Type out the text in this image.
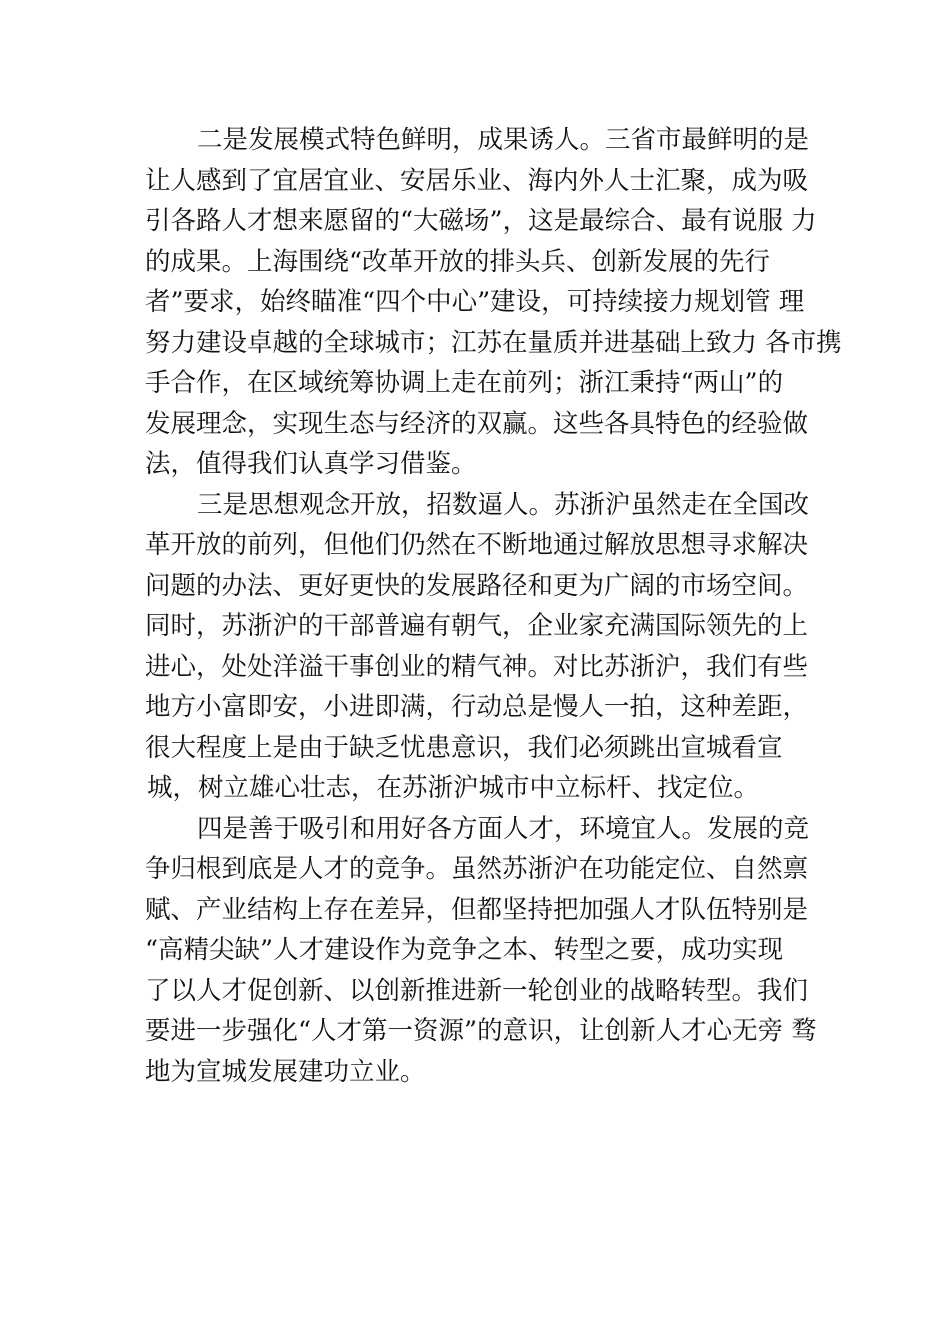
二是发展模式特色鲜明，成果诱人。三省市最鲜明的是
让人感到了宜居宜业、安居乐业、海内外人士汇聚，成为吸
引各路人才想来愿留的“大磁场”，这是最综合、最有说服 力
的成果。上海围绕“改革开放的排头兵、创新发展的先行
者”要求，始终瞄准“四个中心”建设，可持续接力规划管 理
努力建设卓越的全球城市；江苏在量质并进基础上致力 各市携
手合作，在区域统筹协调上走在前列；浙江秉持“两山”的
发展理念，实现生态与经济的双赢。这些各具特色的经验做
法，值得我们认真学习借鉴。
三是思想观念开放，招数逼人。苏浙沪虽然走在全国改
革开放的前列，但他们仍然在不断地通过解放思想寻求解决
问题的办法、更好更快的发展路径和更为广阔的市场空间。
同时，苏浙沪的干部普遍有朝气，企业家充满国际领先的上
进心，处处洋溢干事创业的精气神。对比苏浙沪，我们有些
地方小富即安，小进即满，行动总是慢人一拍，这种差距，
很大程度上是由于缺乏忧患意识，我们必须跳出宣城看宣
城，树立雄心壮志，在苏浙沪城市中立标杆、找定位。
四是善于吸引和用好各方面人才，环境宜人。发展的竞
争归根到底是人才的竞争。虽然苏浙沪在功能定位、自然禀
赋、产业结构上存在差异，但都坚持把加强人才队伍特别是
“高精尖缺”人才建设作为竞争之本、转型之要，成功实现
了以人才促创新、以创新推进新一轮创业的战略转型。我们
要进一步强化“人才第一资源”的意识，让创新人才心无旁 骛
地为宣城发展建功立业。
